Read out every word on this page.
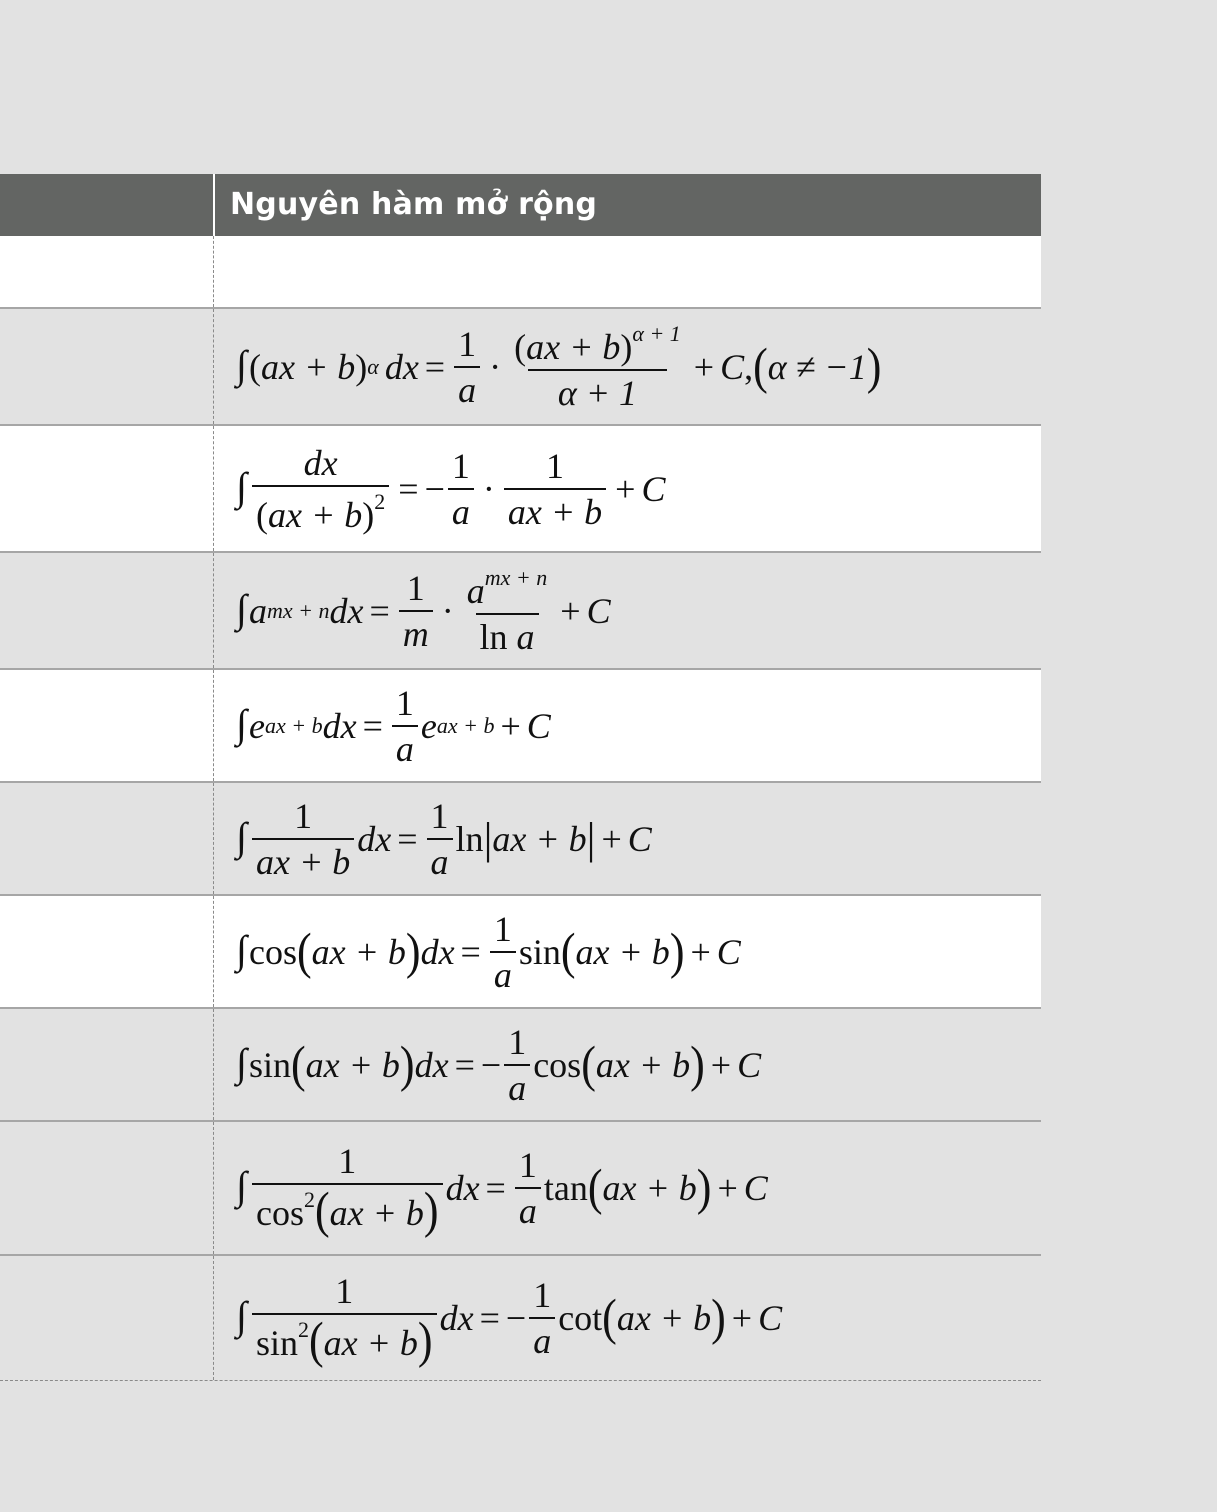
Nguyên hàm mở rộng
∫ ( ax + b ) α dx = $\frac{1}{a} \cdot \frac{(ax + b)^{\alpha + 1}}{\alpha + 1} + C$ , ( α ≠ −1 )
∫ $\frac{dx}{(ax + b)^2}$ = − $\frac{1}{a} \cdot \frac{1}{ax + b} + C$
∫ a mx + n dx = $\frac{1}{m} \cdot \frac{a^{mx + n}}{\text{ln a}} + C$
∫ e ax + b dx = $\frac{1}{a}$ e ax + b + C
∫ $\frac{1}{ax + b}$ dx = $\frac{1}{a}$ ln | ax + b | + C
∫ cos ( ax + b ) dx = $\frac{1}{a}$ sin ( ax + b ) + C
∫ sin ( ax + b ) dx = − $\frac{1}{a}$ cos ( ax + b ) + C
∫ $\frac{1}{\cos^2(ax + b)}$ dx = $\frac{1}{a}$ tan ( ax + b ) + C
∫ $\frac{1}{\sin^2(ax + b)}$ dx = − $\frac{1}{a}$ cot ( ax + b ) + C
